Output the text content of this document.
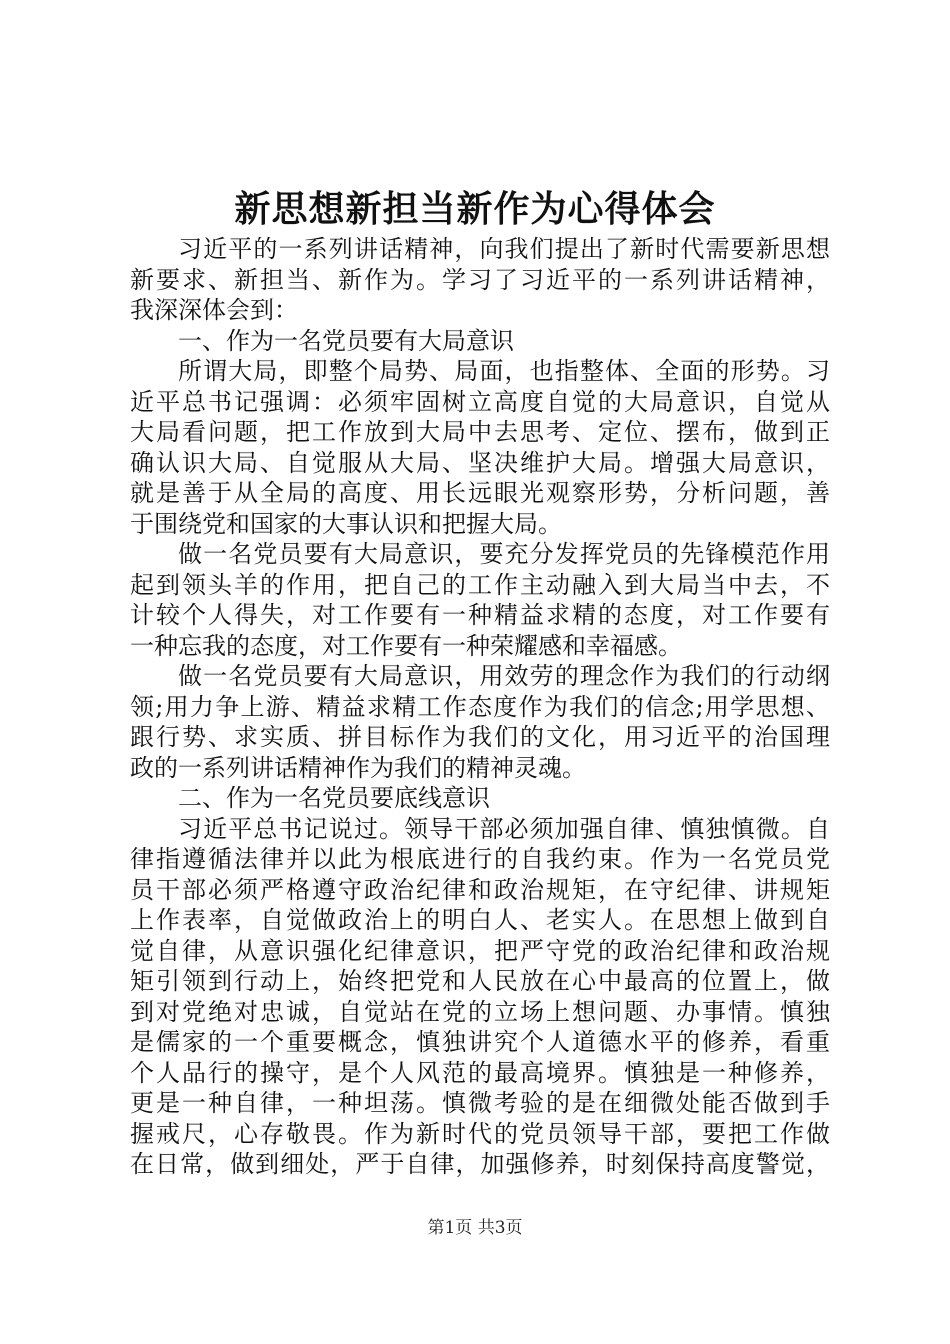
新思想新担当新作为心得体会
习近平的一系列讲话精神，向我们提出了新时代需要新思想
新要求、新担当、新作为。学习了习近平的一系列讲话精神，
我深深体会到：
一、作为一名党员要有大局意识
所谓大局，即整个局势、局面，也指整体、全面的形势。习
近平总书记强调：必须牢固树立高度自觉的大局意识，自觉从
大局看问题，把工作放到大局中去思考、定位、摆布，做到正
确认识大局、自觉服从大局、坚决维护大局。增强大局意识，
就是善于从全局的高度、用长远眼光观察形势，分析问题，善
于围绕党和国家的大事认识和把握大局。
做一名党员要有大局意识，要充分发挥党员的先锋模范作用
起到领头羊的作用，把自己的工作主动融入到大局当中去，不
计较个人得失，对工作要有一种精益求精的态度，对工作要有
一种忘我的态度，对工作要有一种荣耀感和幸福感。
做一名党员要有大局意识，用效劳的理念作为我们的行动纲
领;用力争上游、精益求精工作态度作为我们的信念;用学思想、
跟行势、求实质、拼目标作为我们的文化，用习近平的治国理
政的一系列讲话精神作为我们的精神灵魂。
二、作为一名党员要底线意识
习近平总书记说过。领导干部必须加强自律、慎独慎微。自
律指遵循法律并以此为根底进行的自我约束。作为一名党员党
员干部必须严格遵守政治纪律和政治规矩，在守纪律、讲规矩
上作表率，自觉做政治上的明白人、老实人。在思想上做到自
觉自律，从意识强化纪律意识，把严守党的政治纪律和政治规
矩引领到行动上，始终把党和人民放在心中最高的位置上，做
到对党绝对忠诚，自觉站在党的立场上想问题、办事情。慎独
是儒家的一个重要概念，慎独讲究个人道德水平的修养，看重
个人品行的操守，是个人风范的最高境界。慎独是一种修养，
更是一种自律，一种坦荡。慎微考验的是在细微处能否做到手
握戒尺，心存敬畏。作为新时代的党员领导干部，要把工作做
在日常，做到细处，严于自律，加强修养，时刻保持高度警觉，
第1页 共3页
